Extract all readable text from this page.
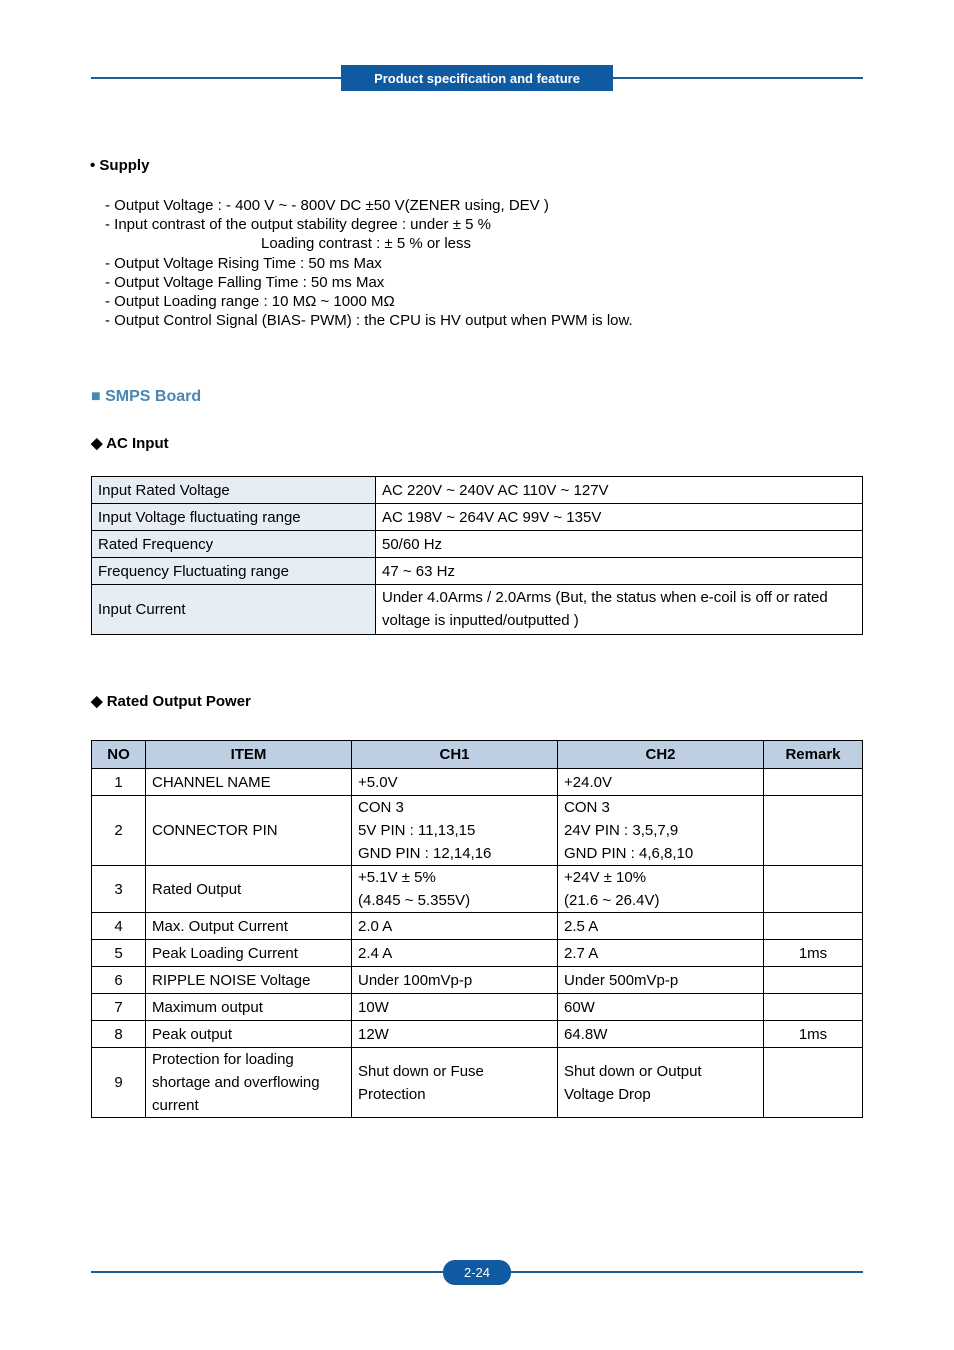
Product specification and feature
• Supply
- Output Voltage : - 400 V ~ - 800V DC ±50 V(ZENER using, DEV )
- Input contrast of the output stability degree : under ± 5 %
Loading contrast : ± 5 % or less
- Output Voltage Rising Time : 50 ms Max
- Output Voltage Falling Time : 50 ms Max
- Output Loading range : 10 MΩ ~ 1000 MΩ
- Output Control Signal (BIAS- PWM) : the CPU is HV output when PWM is low.
■ SMPS Board
◆ AC Input
Input Rated Voltage	AC 220V ~ 240V AC 110V ~ 127V
Input Voltage fluctuating range	AC 198V ~ 264V AC 99V ~ 135V
Rated Frequency	50/60 Hz
Frequency Fluctuating range	47 ~ 63 Hz
Input Current	Under 4.0Arms / 2.0Arms (But, the status when e-coil is off or rated voltage is inputted/outputted )
◆ Rated Output Power
NO	ITEM	CH1	CH2	Remark
1	CHANNEL NAME	+5.0V	+24.0V	
2	CONNECTOR PIN	CON 3
5V PIN : 11,13,15
GND PIN : 12,14,16	CON 3
24V PIN : 3,5,7,9
GND PIN : 4,6,8,10	
3	Rated Output	+5.1V ± 5%
(4.845 ~ 5.355V)	+24V ± 10%
(21.6 ~ 26.4V)	
4	Max. Output Current	2.0 A	2.5 A	
5	Peak Loading Current	2.4 A	2.7 A	1ms
6	RIPPLE NOISE Voltage	Under 100mVp-p	Under 500mVp-p	
7	Maximum output	10W	60W	
8	Peak output	12W	64.8W	1ms
9	Protection for loading
shortage and overflowing
current	Shut down or Fuse
Protection	Shut down or Output
Voltage Drop	
2-24
